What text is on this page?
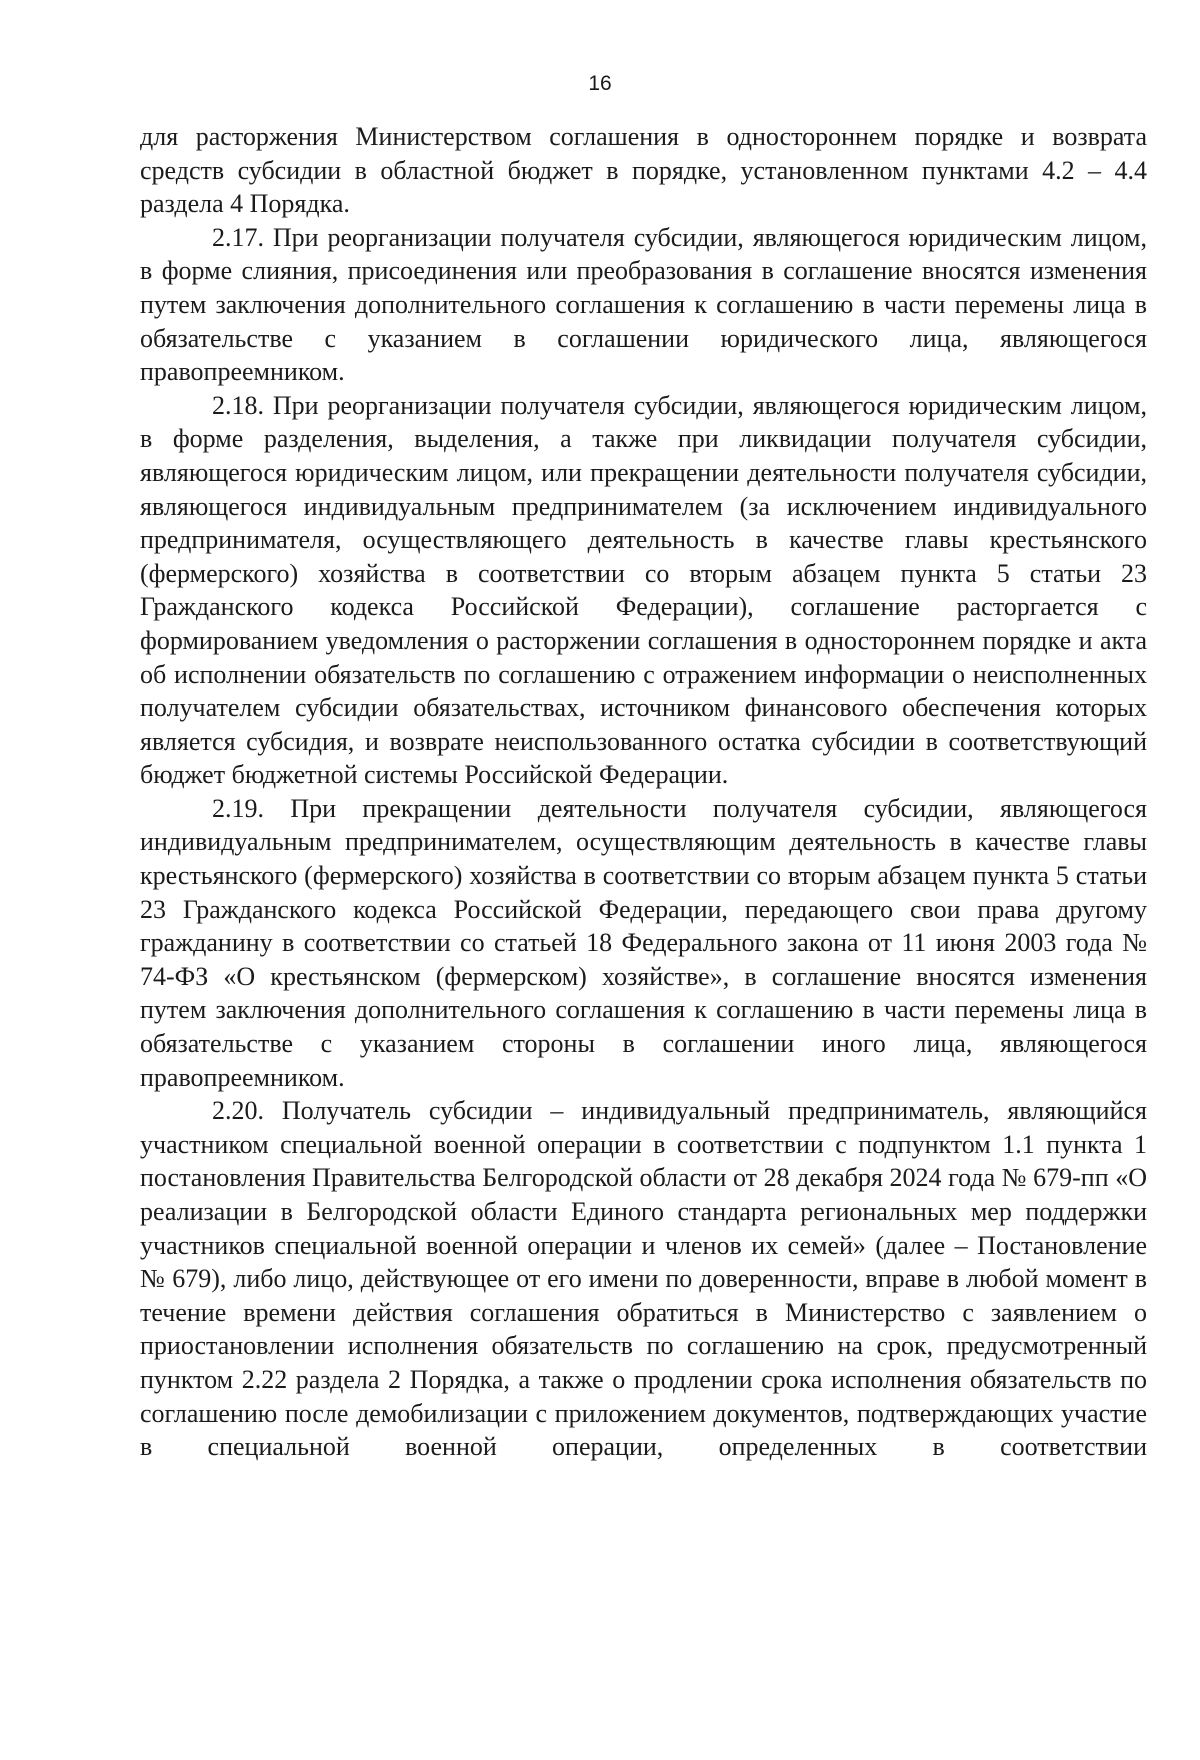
16

для расторжения Министерством соглашения в одностороннем порядке и возврата средств субсидии в областной бюджет в порядке, установленном пунктами 4.2 – 4.4 раздела 4 Порядка.

2.17. При реорганизации получателя субсидии, являющегося юридическим лицом, в форме слияния, присоединения или преобразования в соглашение вносятся изменения путем заключения дополнительного соглашения к соглашению в части перемены лица в обязательстве с указанием в соглашении юридического лица, являющегося правопреемником.

2.18. При реорганизации получателя субсидии, являющегося юридическим лицом, в форме разделения, выделения, а также при ликвидации получателя субсидии, являющегося юридическим лицом, или прекращении деятельности получателя субсидии, являющегося индивидуальным предпринимателем (за исключением индивидуального предпринимателя, осуществляющего деятельность в качестве главы крестьянского (фермерского) хозяйства в соответствии со вторым абзацем пункта 5 статьи 23 Гражданского кодекса Российской Федерации), соглашение расторгается с формированием уведомления о расторжении соглашения в одностороннем порядке и акта об исполнении обязательств по соглашению с отражением информации о неисполненных получателем субсидии обязательствах, источником финансового обеспечения которых является субсидия, и возврате неиспользованного остатка субсидии в соответствующий бюджет бюджетной системы Российской Федерации.

2.19. При прекращении деятельности получателя субсидии, являющегося индивидуальным предпринимателем, осуществляющим деятельность в качестве главы крестьянского (фермерского) хозяйства в соответствии со вторым абзацем пункта 5 статьи 23 Гражданского кодекса Российской Федерации, передающего свои права другому гражданину в соответствии со статьей 18 Федерального закона от 11 июня 2003 года № 74-ФЗ «О крестьянском (фермерском) хозяйстве», в соглашение вносятся изменения путем заключения дополнительного соглашения к соглашению в части перемены лица в обязательстве с указанием стороны в соглашении иного лица, являющегося правопреемником.

2.20. Получатель субсидии – индивидуальный предприниматель, являющийся участником специальной военной операции в соответствии с подпунктом 1.1 пункта 1 постановления Правительства Белгородской области от 28 декабря 2024 года № 679-пп «О реализации в Белгородской области Единого стандарта региональных мер поддержки участников специальной военной операции и членов их семей» (далее – Постановление № 679), либо лицо, действующее от его имени по доверенности, вправе в любой момент в течение времени действия соглашения обратиться в Министерство с заявлением о приостановлении исполнения обязательств по соглашению на срок, предусмотренный пунктом 2.22 раздела 2 Порядка, а также о продлении срока исполнения обязательств по соглашению после демобилизации с приложением документов, подтверждающих участие в специальной военной операции, определенных в соответствии
